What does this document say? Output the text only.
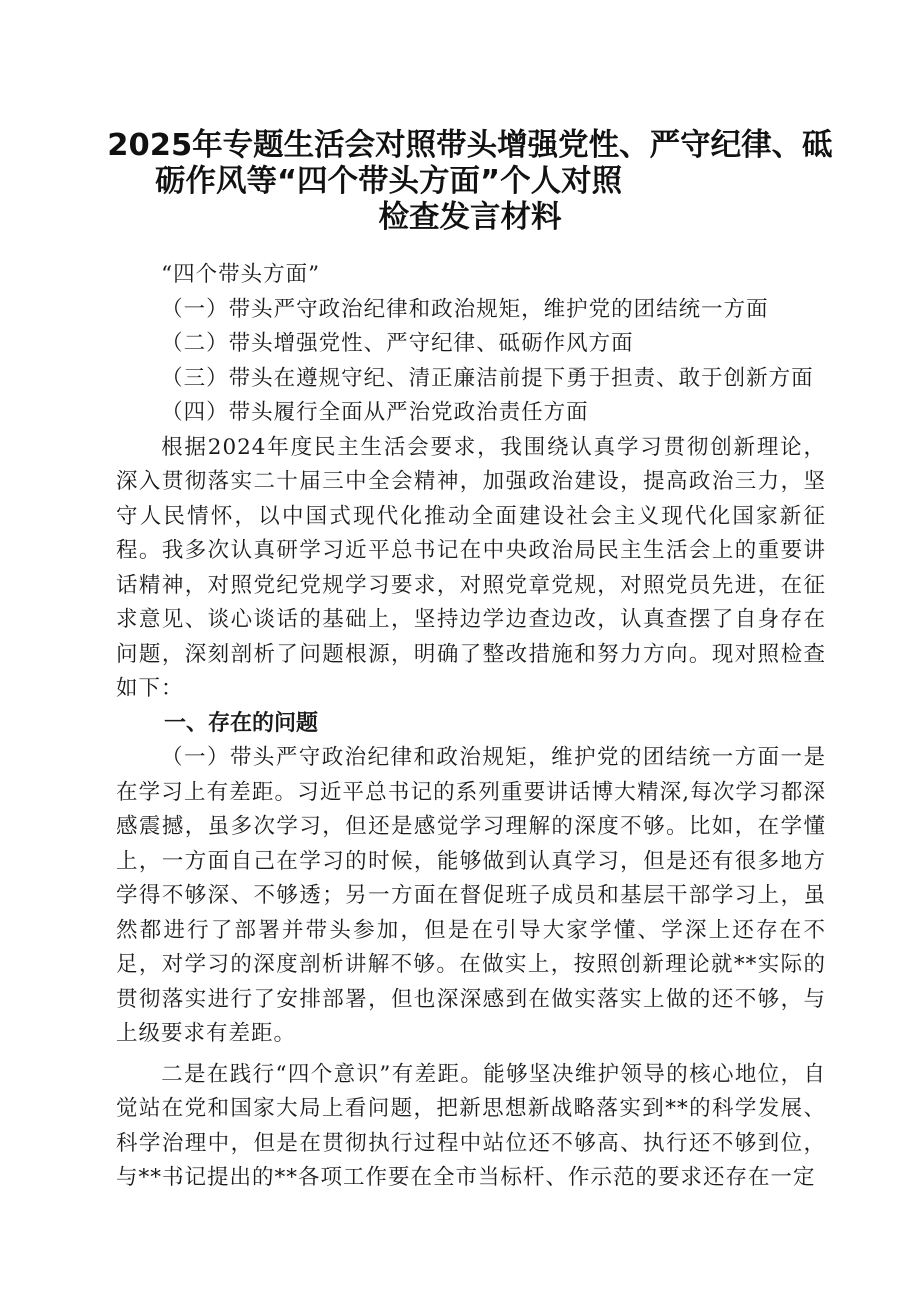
2025年专题生活会对照带头增强党性、严守纪律、砥
砺作风等“四个带头方面”个人对照
检查发言材料

“四个带头方面”

（一）带头严守政治纪律和政治规矩，维护党的团结统一方面

（二）带头增强党性、严守纪律、砥砺作风方面

（三）带头在遵规守纪、清正廉洁前提下勇于担责、敢于创新方面

（四）带头履行全面从严治党政治责任方面

根据2024年度民主生活会要求，我围绕认真学习贯彻创新理论，深入贯彻落实二十届三中全会精神，加强政治建设，提高政治三力，坚守人民情怀，以中国式现代化推动全面建设社会主义现代化国家新征程。我多次认真研学习近平总书记在中央政治局民主生活会上的重要讲话精神，对照党纪党规学习要求，对照党章党规，对照党员先进，在征求意见、谈心谈话的基础上，坚持边学边查边改，认真查摆了自身存在问题，深刻剖析了问题根源，明确了整改措施和努力方向。现对照检查如下：

一、存在的问题

（一）带头严守政治纪律和政治规矩，维护党的团结统一方面一是在学习上有差距。习近平总书记的系列重要讲话博大精深,每次学习都深感震撼，虽多次学习，但还是感觉学习理解的深度不够。比如，在学懂上，一方面自己在学习的时候，能够做到认真学习，但是还有很多地方学得不够深、不够透；另一方面在督促班子成员和基层干部学习上，虽然都进行了部署并带头参加，但是在引导大家学懂、学深上还存在不足，对学习的深度剖析讲解不够。在做实上，按照创新理论就**实际的贯彻落实进行了安排部署，但也深深感到在做实落实上做的还不够，与上级要求有差距。

二是在践行“四个意识”有差距。能够坚决维护领导的核心地位，自觉站在党和国家大局上看问题，把新思想新战略落实到**的科学发展、科学治理中，但是在贯彻执行过程中站位还不够高、执行还不够到位，与**书记提出的**各项工作要在全市当标杆、作示范的要求还存在一定
